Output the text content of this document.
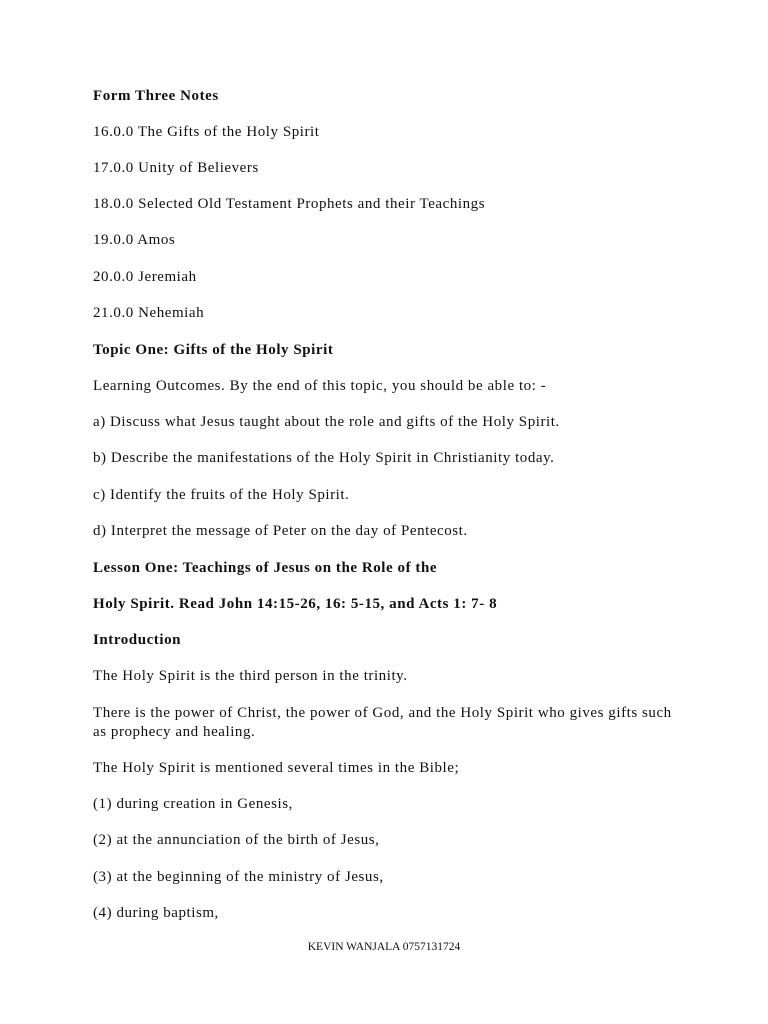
Form Three Notes
16.0.0 The Gifts of the Holy Spirit
17.0.0 Unity of Believers
18.0.0 Selected Old Testament Prophets and their Teachings
19.0.0 Amos
20.0.0 Jeremiah
21.0.0 Nehemiah
Topic One: Gifts of the Holy Spirit
Learning Outcomes. By the end of this topic, you should be able to: -
a) Discuss what Jesus taught about the role and gifts of the Holy Spirit.
b) Describe the manifestations of the Holy Spirit in Christianity today.
c) Identify the fruits of the Holy Spirit.
d) Interpret the message of Peter on the day of Pentecost.
Lesson One: Teachings of Jesus on the Role of the
Holy Spirit. Read John 14:15-26, 16: 5-15, and Acts 1: 7- 8
Introduction
The Holy Spirit is the third person in the trinity.
There is the power of Christ, the power of God, and the Holy Spirit who gives gifts such as prophecy and healing.
The Holy Spirit is mentioned several times in the Bible;
(1) during creation in Genesis,
(2) at the annunciation of the birth of Jesus,
(3) at the beginning of the ministry of Jesus,
(4) during baptism,
KEVIN WANJALA 0757131724
